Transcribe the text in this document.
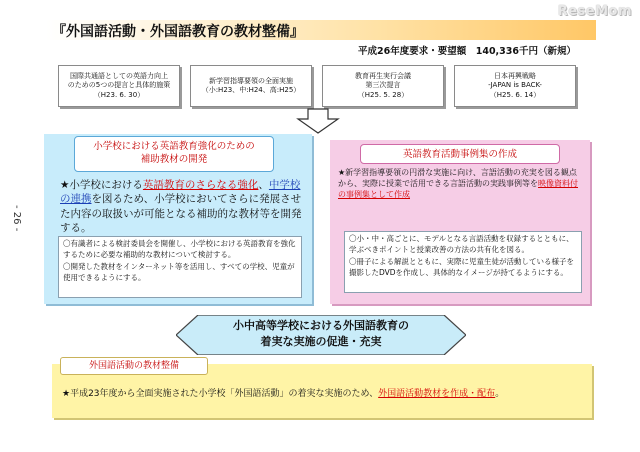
ReseMom
- 26 -
『外国語活動・外国語教育の教材整備』
平成26年度要求・要望額　140,336千円（新規）
国際共通語としての英語力向上
のための5つの提言と具体的施策
（H23. 6. 30）
新学習指導要領の全面実施
（小:H23、中:H24、高:H25）
教育再生実行会議
第三次提言
（H25. 5. 28）
日本再興戦略
-JAPAN is BACK-
（H25. 6. 14）
小学校における英語教育強化のための
補助教材の開発
★小学校における英語教育のさらなる強化、中学校の連携を図るため、小学校においてさらに発展させた内容の取扱いが可能となる補助的な教材等を開発する。
〇有識者による検討委員会を開催し、小学校における英語教育を強化するために必要な補助的な教材について検討する。
〇開発した教材をインターネット等を活用し、すべての学校、児童が使用できるようにする。
英語教育活動事例集の作成
★新学習指導要領の円滑な実施に向け、言語活動の充実を図る観点から、実際に授業で活用できる言語活動の実践事例等を映像資料付の事例集として作成
〇小・中・高ごとに、モデルとなる言語活動を収録するとともに、学ぶべきポイントと授業改善の方法の共有化を図る。
〇冊子による解説とともに、実際に児童生徒が活動している様子を撮影したDVDを作成し、具体的なイメージが持てるようにする。
小中高等学校における外国語教育の
着実な実施の促進・充実
外国語活動の教材整備
★平成23年度から全面実施された小学校「外国語活動」の着実な実施のため、外国語活動教材を作成・配布。
